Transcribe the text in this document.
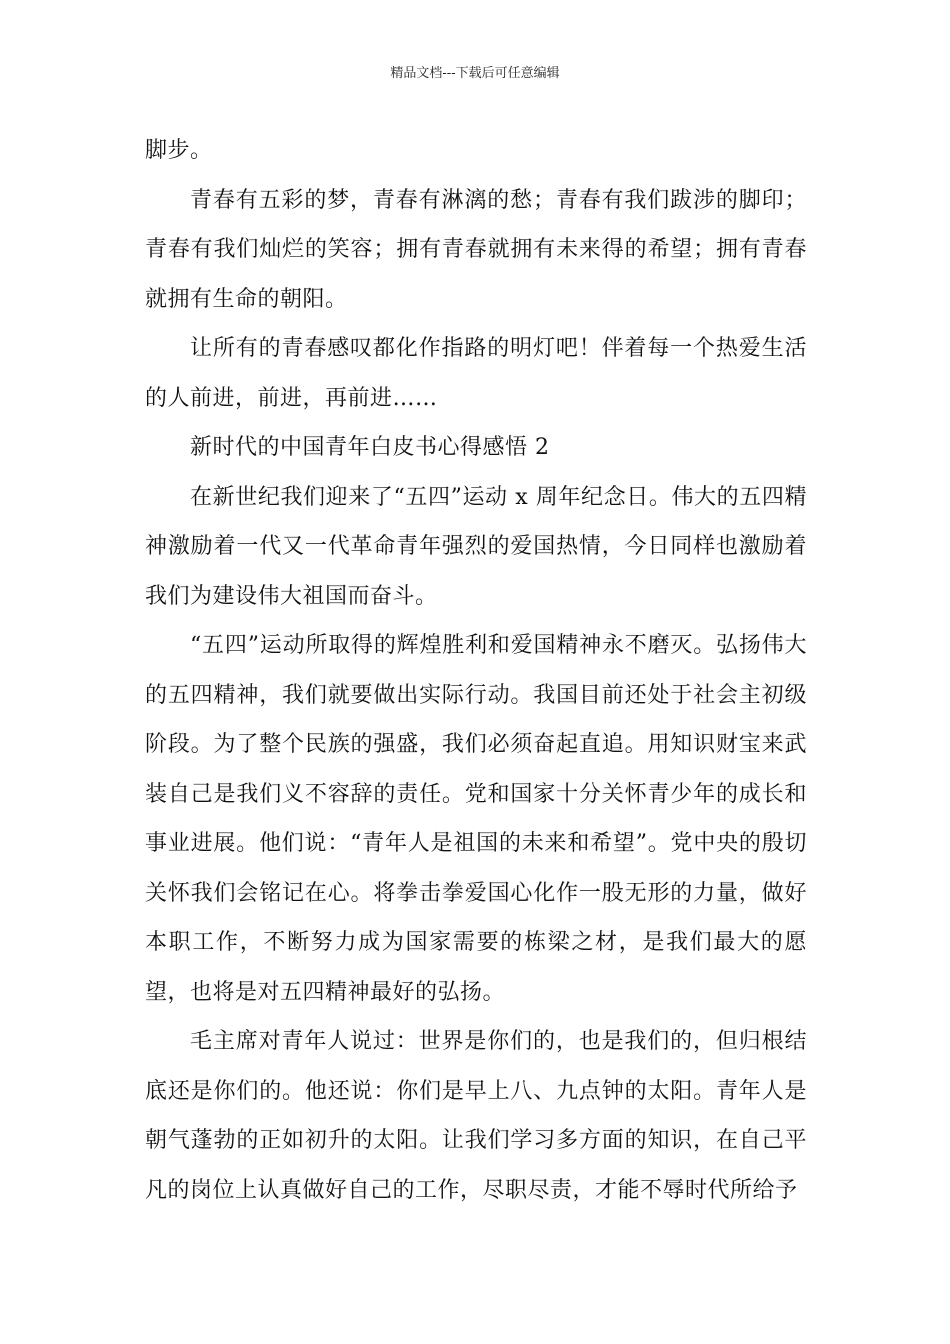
精品文档---下载后可任意编辑

脚步。

青春有五彩的梦，青春有淋漓的愁；青春有我们跋涉的脚印；青春有我们灿烂的笑容；拥有青春就拥有未来得的希望；拥有青春就拥有生命的朝阳。

让所有的青春感叹都化作指路的明灯吧！伴着每一个热爱生活的人前进，前进，再前进……

新时代的中国青年白皮书心得感悟 2

在新世纪我们迎来了“五四”运动 x 周年纪念日。伟大的五四精神激励着一代又一代革命青年强烈的爱国热情，今日同样也激励着我们为建设伟大祖国而奋斗。

“五四”运动所取得的辉煌胜利和爱国精神永不磨灭。弘扬伟大的五四精神，我们就要做出实际行动。我国目前还处于社会主初级阶段。为了整个民族的强盛，我们必须奋起直追。用知识财宝来武装自己是我们义不容辞的责任。党和国家十分关怀青少年的成长和事业进展。他们说：“青年人是祖国的未来和希望”。党中央的殷切关怀我们会铭记在心。将拳击拳爱国心化作一股无形的力量，做好本职工作，不断努力成为国家需要的栋梁之材，是我们最大的愿望，也将是对五四精神最好的弘扬。

毛主席对青年人说过：世界是你们的，也是我们的，但归根结底还是你们的。他还说：你们是早上八、九点钟的太阳。青年人是朝气蓬勃的正如初升的太阳。让我们学习多方面的知识，在自己平凡的岗位上认真做好自己的工作，尽职尽责，才能不辱时代所给予
